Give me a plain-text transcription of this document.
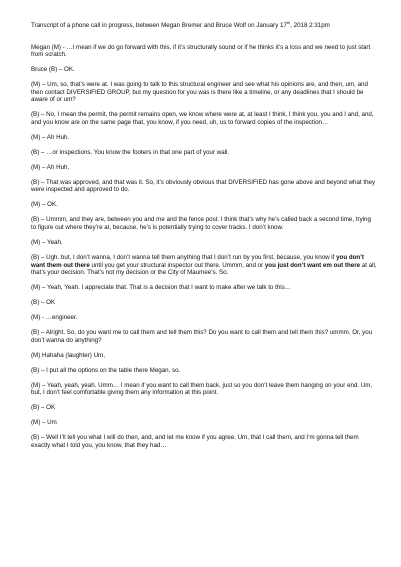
Transcript of a phone call in progress, between Megan Bremer and Bruce Wolf on January 17th, 2018 2:31pm

Megan (M) - …I mean if we do go forward with this, if it’s structurally sound or if he thinks it’s a loss and we need to just start from scratch.

Bruce (B) – OK.

(M) – Um, so, that’s were at. I was going to talk to this structural engineer and see what his opinions are, and then, um, and then contact DIVERSIFIED GROUP, but my question for you was is there like a timeline, or any deadlines that I should be aware of or um?

(B) – No, I mean the permit, the permit remains open, we know where were at, at least I think, I think you, you and I and, and, and you know are on the same page that, you know, if you need, uh, us to forward copies of the inspection…

(M) – Ah Huh.

(B) – …or inspections. You know the footers in that one part of your wall.

(M) – Ah Huh.

(B) – That was approved, and that was it. So, it’s obviously obvious that DIVERSIFIED has gone above and beyond what they were inspected and approved to do.

(M) – OK.

(B) – Ummm, and they are, between you and me and the fence post. I think that’s why he’s called back a second time, trying to figure out where they’re at, because, he’s is potentially trying to cover tracks. I don’t know.

(M) – Yeah.

(B) – Ugh. but, I don’t wanna, I don’t wanna tell them anything that I don’t run by you first, because, you know if you don’t want them out there until you get your structural inspector out there. Ummm, and or you just don’t want em out there at all, that’s your decision. That’s not my decision or the City of Maumee’s. So.

(M) – Yeah, Yeah. I appreciate that. That is a decision that I want to make after we talk to this…

(B) – OK

(M) - …engineer.

(B) – Alright. So, do you want me to call them and tell them this? Do you want to call them and tell them this? ummm. Or, you don’t wanna do anything?

(M) Hahaha (laughter) Um,

(B) – I put all the options on the table there Megan, so.

(M) – Yeah, yeah, yeah. Umm… I mean if you want to call them back, just so you don’t leave them hanging on your end. Um, but, I don’t feel comfortable giving them any information at this point.

(B) – OK

(M) – Um

(B) – Well I’ll tell you what I will do then, and, and let me know if you agree. Um, that I call them, and I’m gonna tell them exactly what I told you, you know, that they had…
